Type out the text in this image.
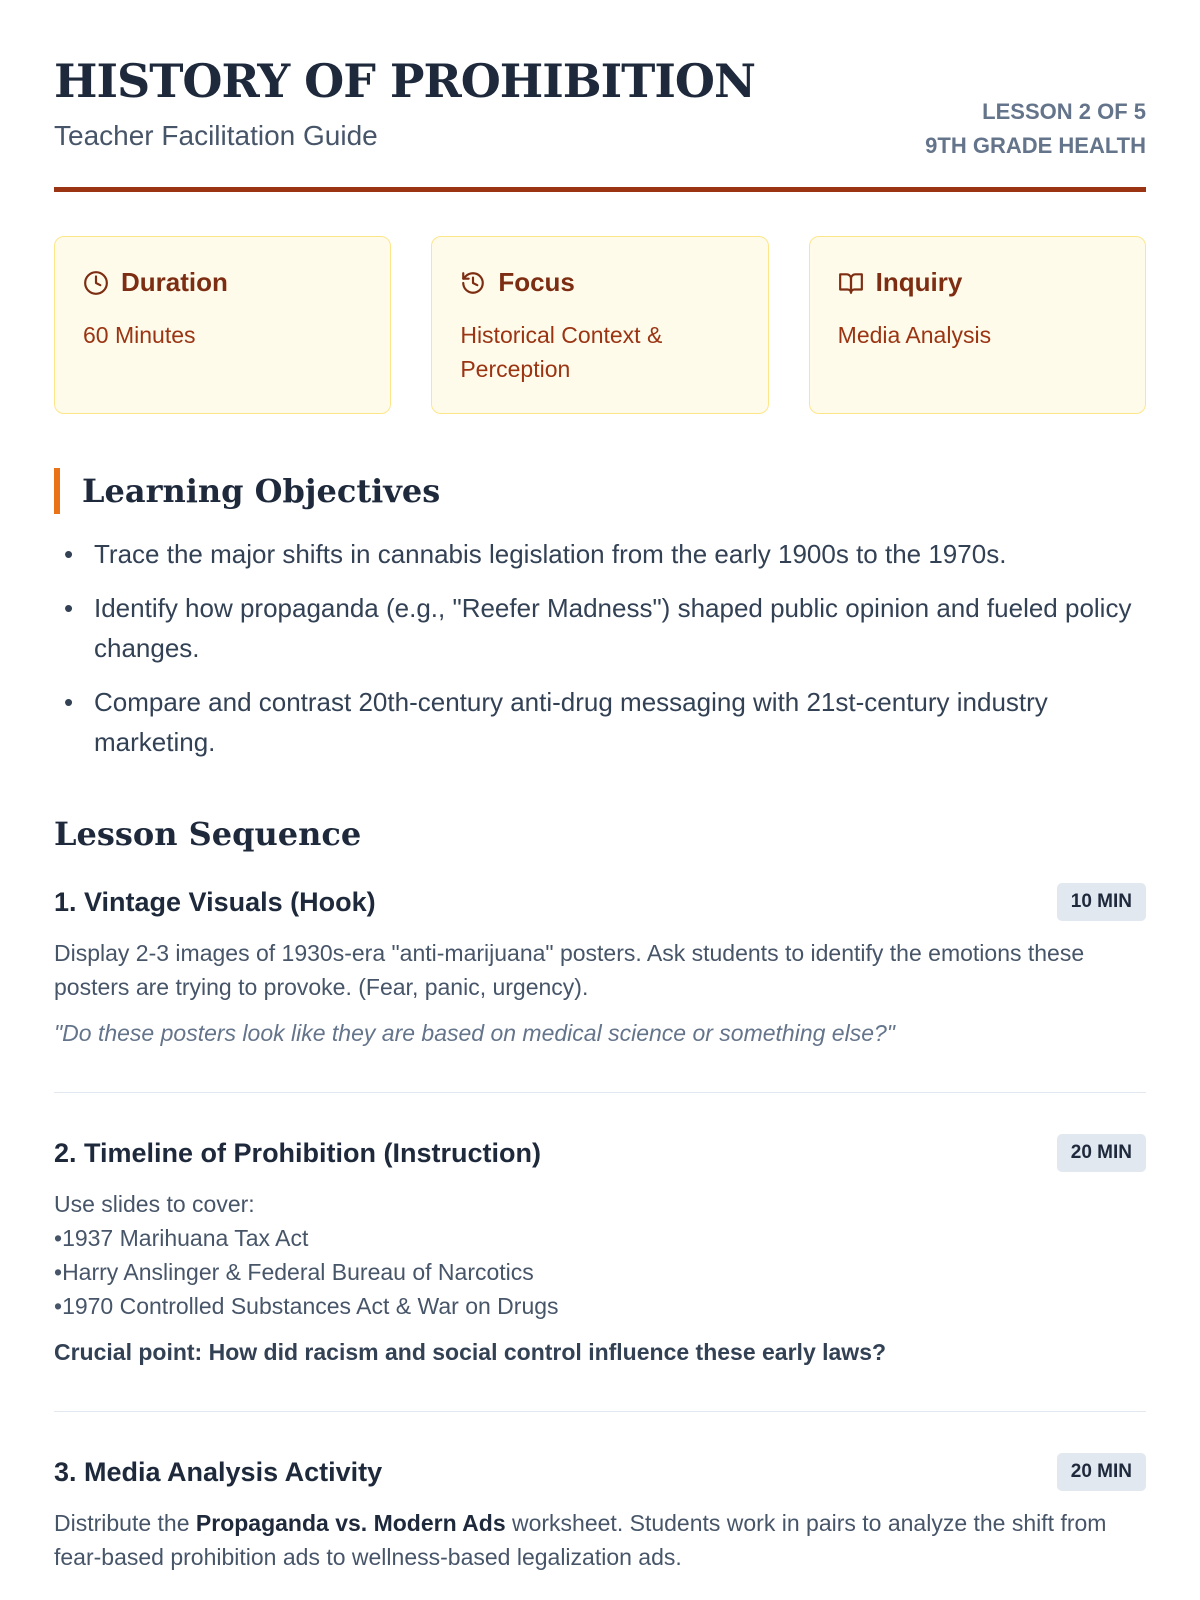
HISTORY OF PROHIBITION
Teacher Facilitation Guide
LESSON 2 OF 5
9TH GRADE HEALTH
Duration
60 Minutes
Focus
Historical Context & Perception
Inquiry
Media Analysis
Learning Objectives
• Trace the major shifts in cannabis legislation from the early 1900s to the 1970s.
• Identify how propaganda (e.g., "Reefer Madness") shaped public opinion and fueled policy changes.
• Compare and contrast 20th-century anti-drug messaging with 21st-century industry marketing.
Lesson Sequence
1. Vintage Visuals (Hook)	10 MIN
Display 2-3 images of 1930s-era "anti-marijuana" posters. Ask students to identify the emotions these posters are trying to provoke. (Fear, panic, urgency).
"Do these posters look like they are based on medical science or something else?"
2. Timeline of Prohibition (Instruction)	20 MIN
Use slides to cover:
• 1937 Marihuana Tax Act
• Harry Anslinger & Federal Bureau of Narcotics
• 1970 Controlled Substances Act & War on Drugs
Crucial point: How did racism and social control influence these early laws?
3. Media Analysis Activity	20 MIN
Distribute the Propaganda vs. Modern Ads worksheet. Students work in pairs to analyze the shift from fear-based prohibition ads to wellness-based legalization ads.
